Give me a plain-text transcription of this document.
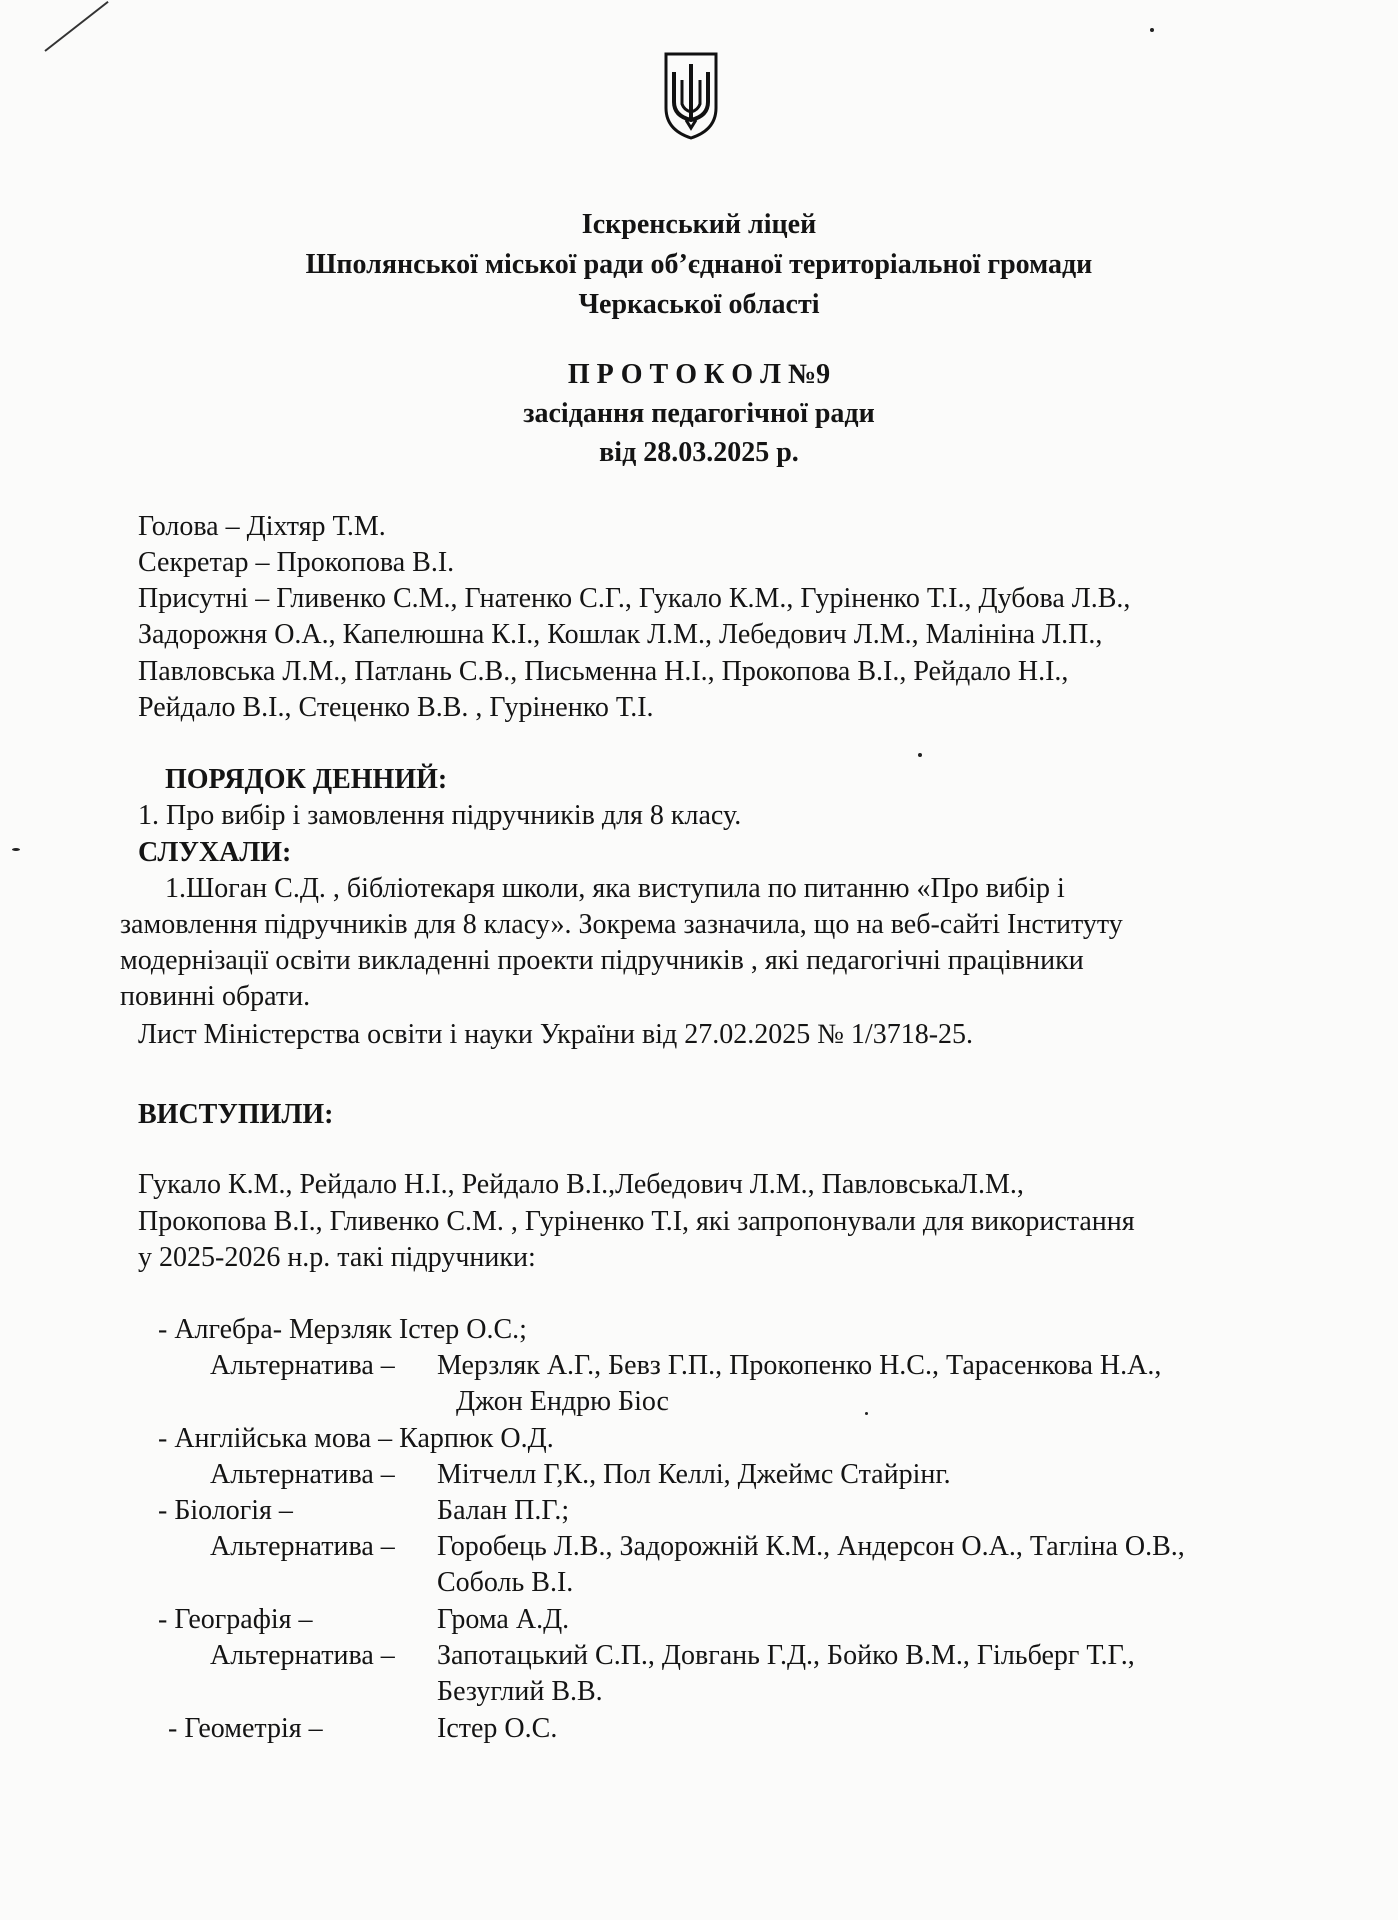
Іскренський ліцей
Шполянської міської ради об’єднаної територіальної громади
Черкаської області
П Р О Т О К О Л №9
засідання педагогічної ради
від 28.03.2025 р.
Голова – Діхтяр Т.М.
Секретар – Прокопова В.І.
Присутні – Гливенко С.М., Гнатенко С.Г., Гукало К.М., Гуріненко Т.І., Дубова Л.В.,
Задорожня О.А., Капелюшна К.І., Кошлак Л.М., Лебедович Л.М., Малініна Л.П.,
Павловська Л.М., Патлань С.В., Письменна Н.І., Прокопова В.І., Рейдало Н.І.,
Рейдало В.І., Стеценко В.В. , Гуріненко Т.І.
ПОРЯДОК ДЕННИЙ:
1. Про вибір і замовлення підручників для 8 класу.
СЛУХАЛИ:
1.Шоган С.Д. , бібліотекаря школи, яка виступила по питанню «Про вибір і
замовлення підручників для 8 класу». Зокрема зазначила, що на веб-сайті Інституту
модернізації освіти викладенні проекти підручників , які педагогічні працівники
повинні обрати.
Лист Міністерства освіти і науки України від 27.02.2025 № 1/3718-25.
ВИСТУПИЛИ:
Гукало К.М., Рейдало Н.І., Рейдало В.І.,Лебедович Л.М., ПавловськаЛ.М.,
Прокопова В.І., Гливенко С.М. , Гуріненко Т.І, які запропонували для використання
у 2025-2026 н.р. такі підручники:
- Алгебра- Мерзляк Істер О.С.;
Альтернатива – Мерзляк А.Г., Бевз Г.П., Прокопенко Н.С., Тарасенкова Н.А.,
Джон Ендрю Біос
- Англійська мова – Карпюк О.Д.
Альтернатива – Мітчелл Г,К., Пол Келлі, Джеймс Стайрінг.
- Біологія –	Балан П.Г.;
Альтернатива – Горобець Л.В., Задорожній К.М., Андерсон О.А., Тагліна О.В.,
Соболь В.І.
- Географія –	Грома А.Д.
Альтернатива – Запотацький С.П., Довгань Г.Д., Бойко В.М., Гільберг Т.Г.,
Безуглий В.В.
- Геометрія –	Істер О.С.
